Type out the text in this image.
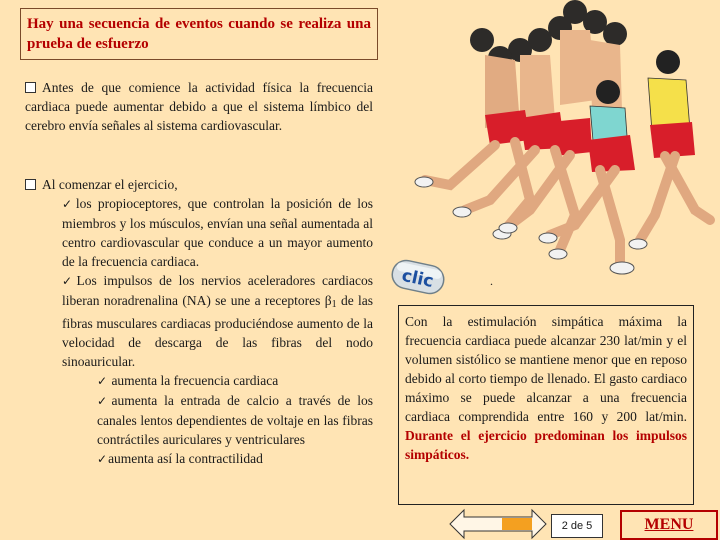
Hay una secuencia de eventos cuando se realiza una prueba de esfuerzo
Antes de que comience la actividad física la frecuencia cardiaca puede aumentar debido a que el sistema límbico del cerebro envía señales al sistema cardiovascular.
Al comenzar el ejercicio,
✓los propioceptores, que controlan la posición de los miembros y los músculos, envían una señal aumentada al centro cardiovascular que conduce a un mayor aumento de la frecuencia cardiaca.
✓Los impulsos de los nervios aceleradores cardiacos liberan noradrenalina (NA) se une a receptores $\beta_1$ de las fibras musculares cardiacas produciéndose aumento de la velocidad de descarga de las fibras del nodo sinoauricular.
✓ aumenta la frecuencia cardiaca
✓aumenta la entrada de calcio a través de los canales lentos dependientes de voltaje en las fibras contráctiles auriculares y ventriculares
✓aumenta así la contractilidad
clic	.
Con la estimulación simpática máxima la frecuencia cardiaca puede alcanzar 230 lat/min y el volumen sistólico se mantiene menor que en reposo debido al corto tiempo de llenado. El gasto cardiaco máximo se puede alcanzar a una frecuencia cardiaca comprendida entre 160 y 200 lat/min. Durante el ejercicio predominan los impulsos simpáticos.
2 de 5	MENU
